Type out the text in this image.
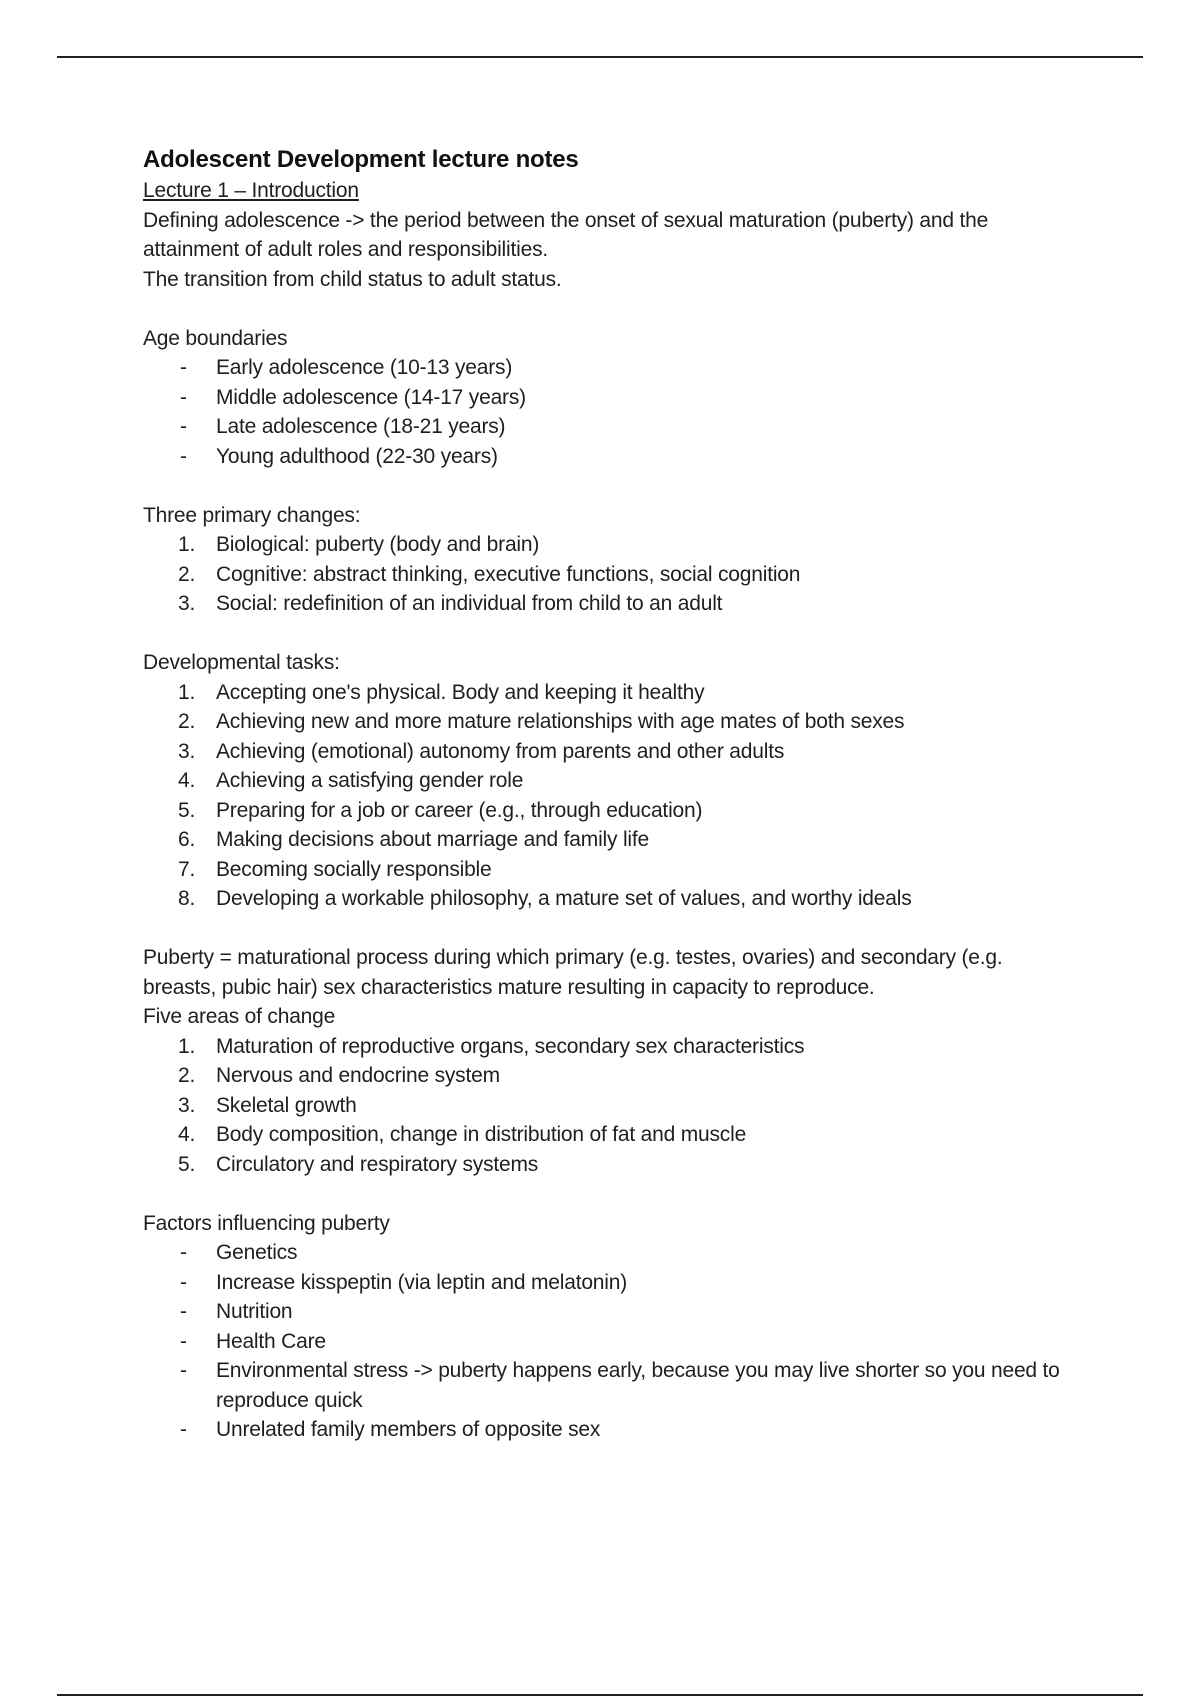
Adolescent Development lecture notes

Lecture 1 – Introduction

Defining adolescence -> the period between the onset of sexual maturation (puberty) and the attainment of adult roles and responsibilities.

The transition from child status to adult status.

Age boundaries

- Early adolescence (10-13 years)
- Middle adolescence (14-17 years)
- Late adolescence (18-21 years)
- Young adulthood (22-30 years)

Three primary changes:

1. Biological: puberty (body and brain)
2. Cognitive: abstract thinking, executive functions, social cognition
3. Social: redefinition of an individual from child to an adult

Developmental tasks:

1. Accepting one's physical. Body and keeping it healthy
2. Achieving new and more mature relationships with age mates of both sexes
3. Achieving (emotional) autonomy from parents and other adults
4. Achieving a satisfying gender role
5. Preparing for a job or career (e.g., through education)
6. Making decisions about marriage and family life
7. Becoming socially responsible
8. Developing a workable philosophy, a mature set of values, and worthy ideals

Puberty = maturational process during which primary (e.g. testes, ovaries) and secondary (e.g. breasts, pubic hair) sex characteristics mature resulting in capacity to reproduce.

Five areas of change

1. Maturation of reproductive organs, secondary sex characteristics
2. Nervous and endocrine system
3. Skeletal growth
4. Body composition, change in distribution of fat and muscle
5. Circulatory and respiratory systems

Factors influencing puberty

- Genetics
- Increase kisspeptin (via leptin and melatonin)
- Nutrition
- Health Care
- Environmental stress -> puberty happens early, because you may live shorter so you need to reproduce quick
- Unrelated family members of opposite sex
